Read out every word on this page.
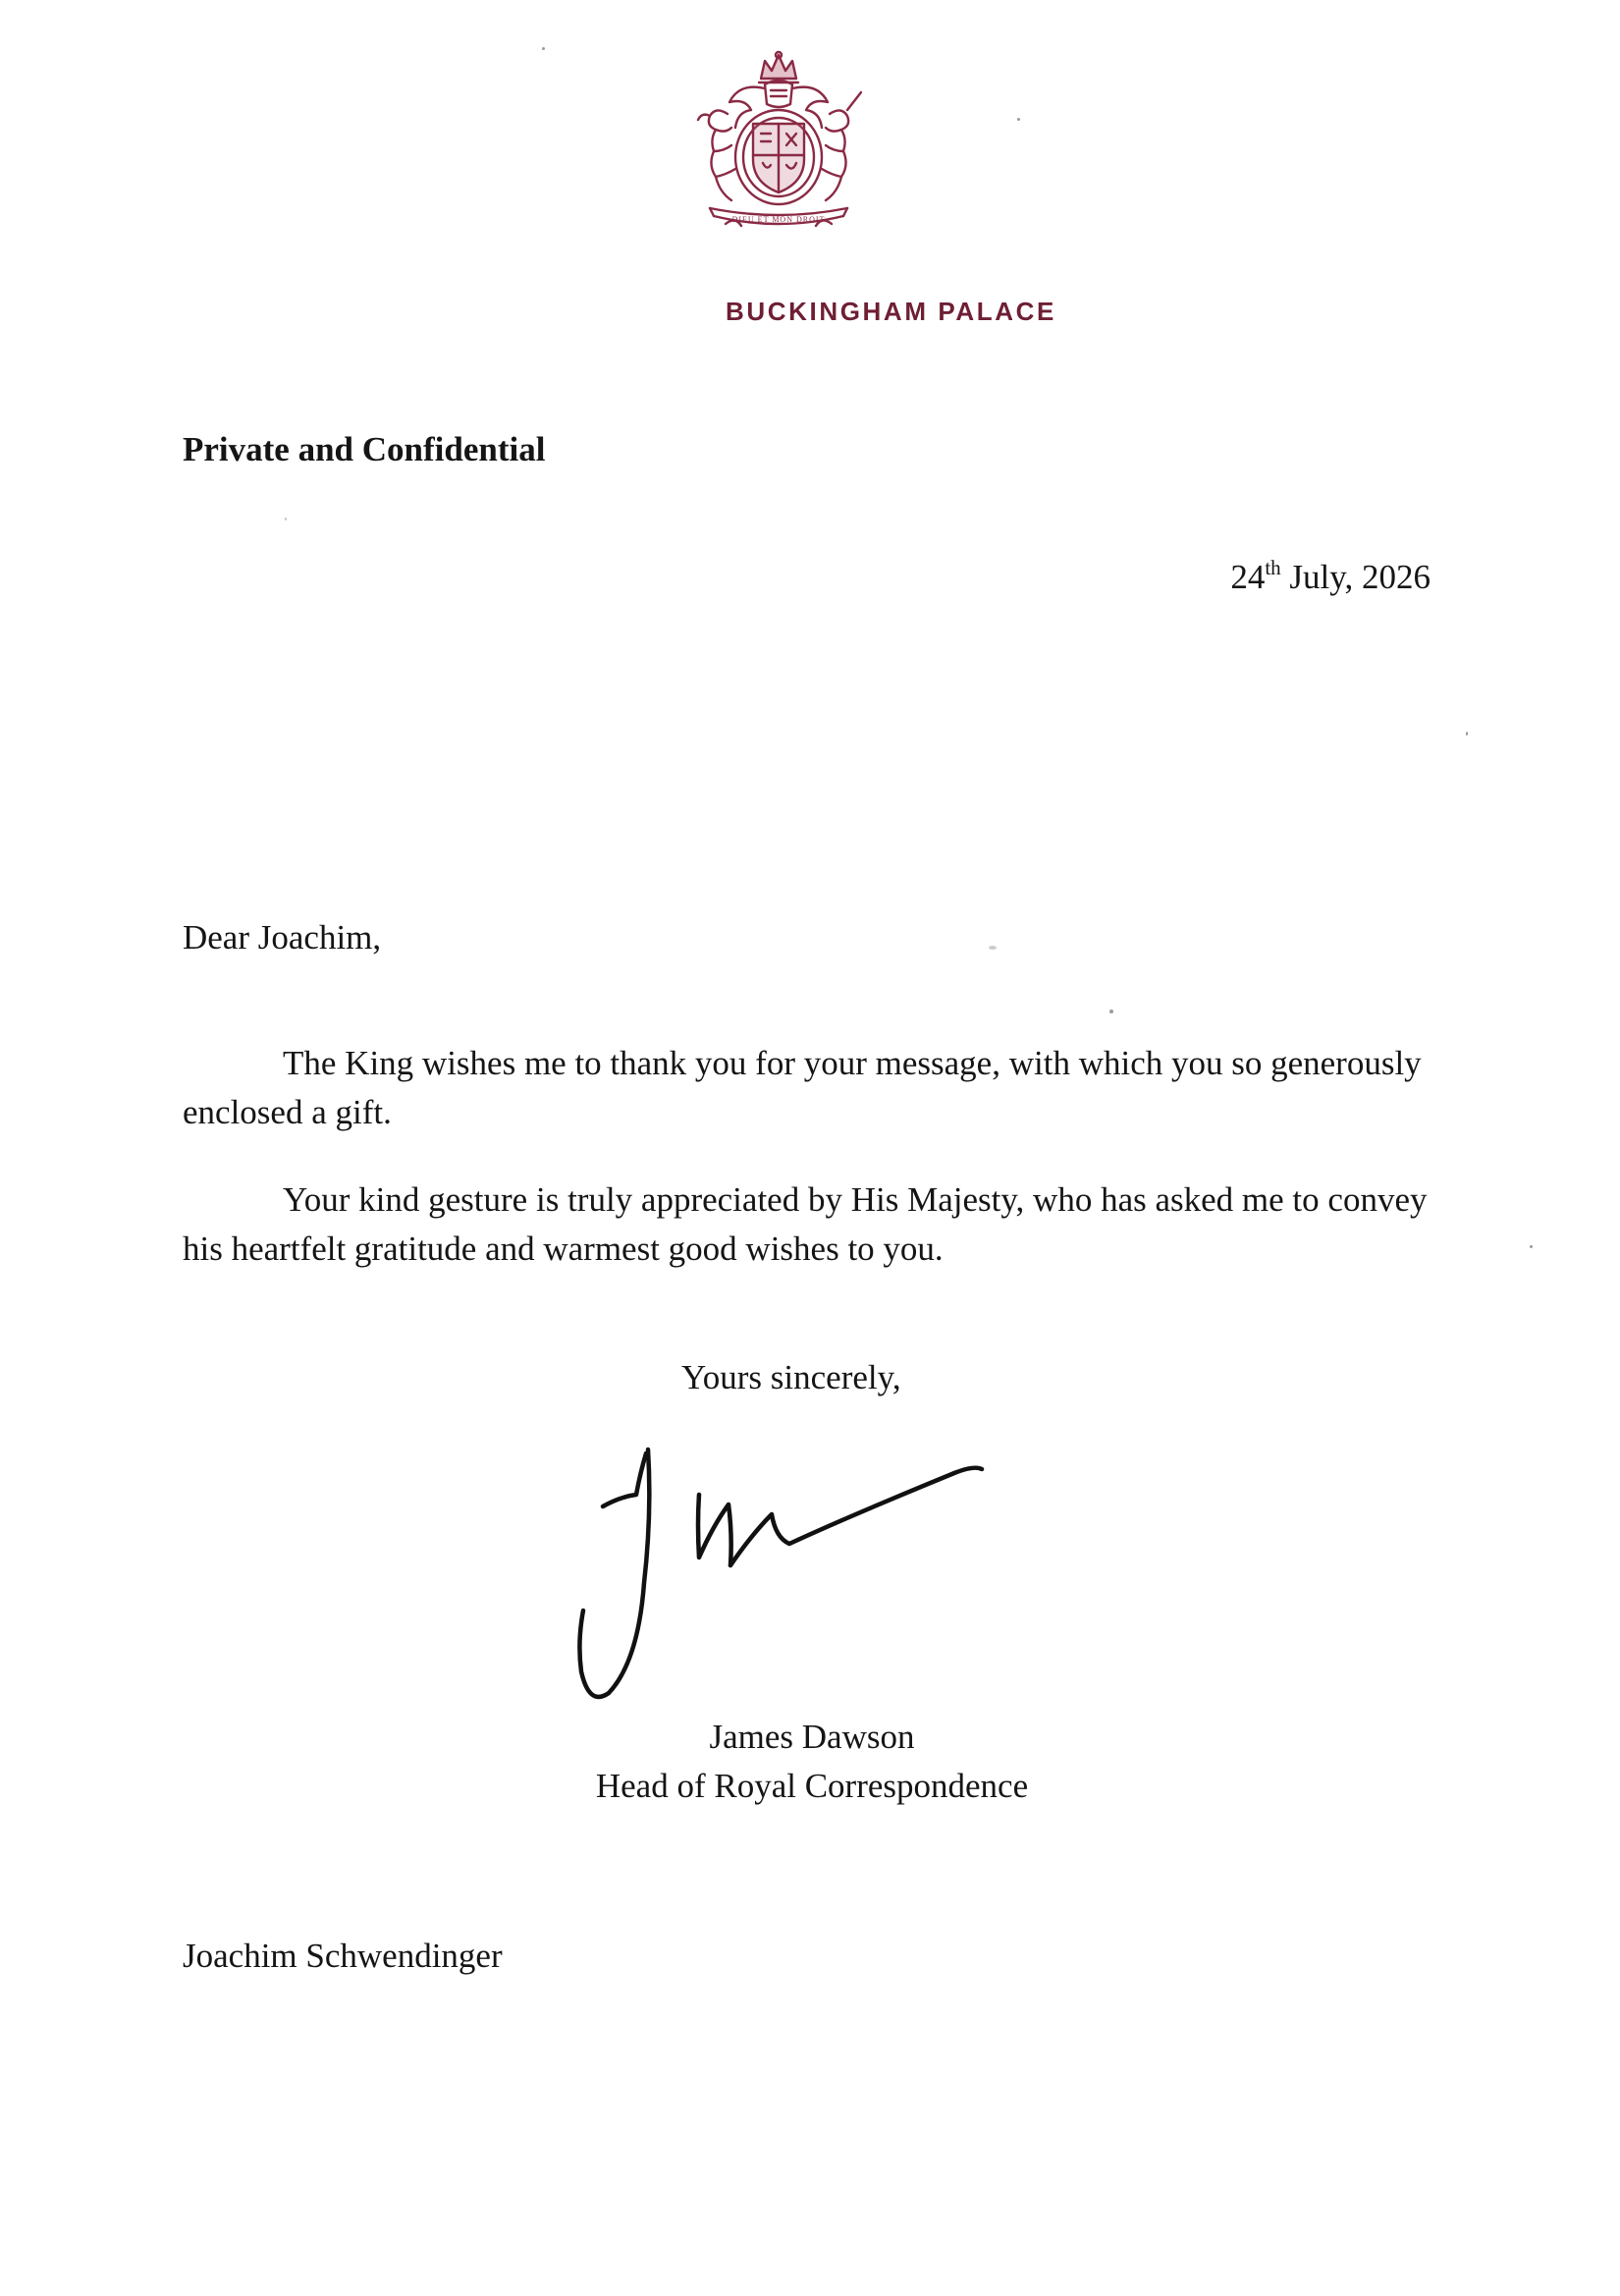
DIEU ET MON DROIT
BUCKINGHAM PALACE
Private and Confidential
24th July, 2026
Dear Joachim,
The King wishes me to thank you for your message, with which you so generously enclosed a gift.
Your kind gesture is truly appreciated by His Majesty, who has asked me to convey his heartfelt gratitude and warmest good wishes to you.
Yours sincerely,
James Dawson
Head of Royal Correspondence
Joachim Schwendinger
